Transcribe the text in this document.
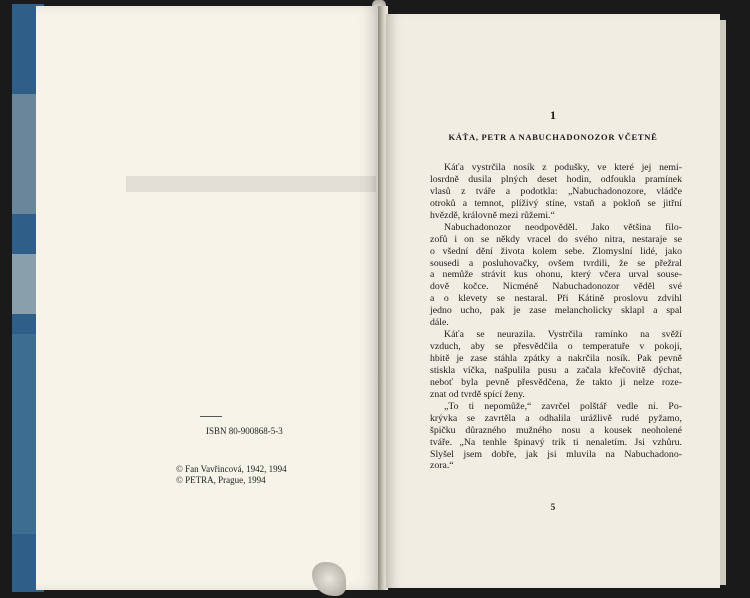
ISBN 80-900868-5-3

© Fan Vavřincová, 1942, 1994
© PETRA, Prague, 1994

1

KÁŤA, PETR A NABUCHADONOZOR VČETNĚ

Káťa vystrčila nosík z podušky, ve které jej nemi-
losrdně dusila plných deset hodin, odfoukla pramínek
vlasů z tváře a podotkla: „Nabuchadonozore, vládče
otroků a temnot, plíživý stíne, vstaň a pokloň se jitřní
hvězdě, královně mezi růžemi.“
Nabuchadonozor neodpověděl. Jako většina filo-
zofů i on se někdy vracel do svého nitra, nestaraje se
o všední dění života kolem sebe. Zlomyslní lidé, jako
sousedi a posluhovačky, ovšem tvrdili, že se přežral
a nemůže strávit kus ohonu, který včera urval souse-
dově kočce. Nicméně Nabuchadonozor věděl své
a o klevety se nestaral. Při Kátině proslovu zdvihl
jedno ucho, pak je zase melancholicky sklapl a spal
dále.
Káťa se neurazila. Vystrčila ramínko na svěží
vzduch, aby se přesvědčila o temperatuře v pokoji,
hbitě je zase stáhla zpátky a nakrčila nosík. Pak pevně
stiskla víčka, našpulila pusu a začala křečovitě dýchat,
neboť byla pevně přesvědčena, že takto ji nelze roze-
znat od tvrdě spící ženy.
„To ti nepomůže,“ zavrčel polštář vedle ní. Po-
krývka se zavrtěla a odhalila urážlivě rudé pyžamo,
špičku důrazného mužného nosu a kousek neoholené
tváře. „Na tenhle špinavý trik ti nenaletím. Jsi vzhůru.
Slyšel jsem dobře, jak jsi mluvila na Nabuchadono-
zora.“

5
